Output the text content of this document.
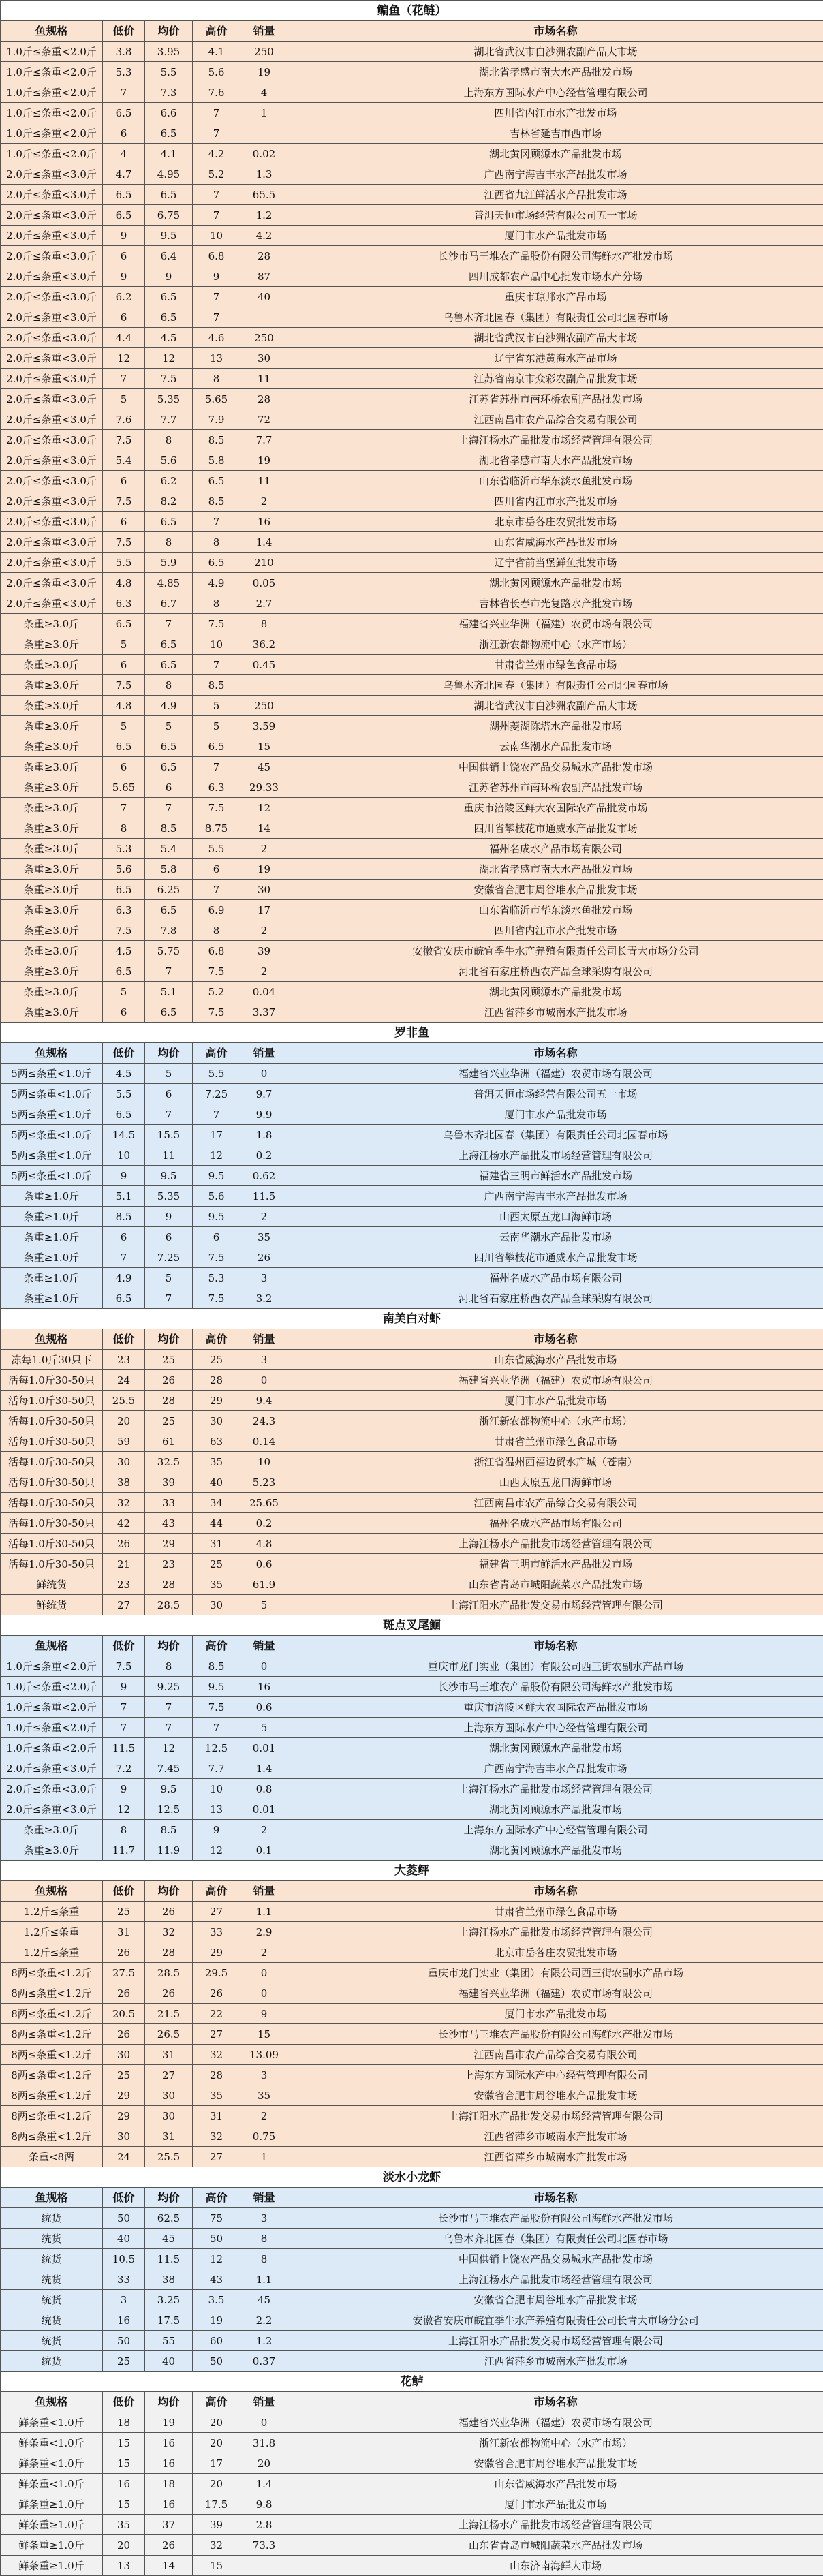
鳊鱼（花鲢）					
鱼规格	低价	均价	高价	销量	市场名称
1.0斤≤条重<2.0斤	3.8	3.95	4.1	250	湖北省武汉市白沙洲农副产品大市场
1.0斤≤条重<2.0斤	5.3	5.5	5.6	19	湖北省孝感市南大水产品批发市场
1.0斤≤条重<2.0斤	7	7.3	7.6	4	上海东方国际水产中心经营管理有限公司
1.0斤≤条重<2.0斤	6.5	6.6	7	1	四川省内江市水产批发市场
1.0斤≤条重<2.0斤	6	6.5	7		吉林省延吉市西市场
1.0斤≤条重<2.0斤	4	4.1	4.2	0.02	湖北黄冈顾源水产品批发市场
2.0斤≤条重<3.0斤	4.7	4.95	5.2	1.3	广西南宁海吉丰水产品批发市场
2.0斤≤条重<3.0斤	6.5	6.5	7	65.5	江西省九江鲜活水产品批发市场
2.0斤≤条重<3.0斤	6.5	6.75	7	1.2	普洱天恒市场经营有限公司五一市场
2.0斤≤条重<3.0斤	9	9.5	10	4.2	厦门市水产品批发市场
2.0斤≤条重<3.0斤	6	6.4	6.8	28	长沙市马王堆农产品股份有限公司海鲜水产批发市场
2.0斤≤条重<3.0斤	9	9	9	87	四川成都农产品中心批发市场水产分场
2.0斤≤条重<3.0斤	6.2	6.5	7	40	重庆市琼邦水产品市场
2.0斤≤条重<3.0斤	6	6.5	7		乌鲁木齐北园春（集团）有限责任公司北园春市场
2.0斤≤条重<3.0斤	4.4	4.5	4.6	250	湖北省武汉市白沙洲农副产品大市场
2.0斤≤条重<3.0斤	12	12	13	30	辽宁省东港黄海水产品市场
2.0斤≤条重<3.0斤	7	7.5	8	11	江苏省南京市众彩农副产品批发市场
2.0斤≤条重<3.0斤	5	5.35	5.65	28	江苏省苏州市南环桥农副产品批发市场
2.0斤≤条重<3.0斤	7.6	7.7	7.9	72	江西南昌市农产品综合交易有限公司
2.0斤≤条重<3.0斤	7.5	8	8.5	7.7	上海江杨水产品批发市场经营管理有限公司
2.0斤≤条重<3.0斤	5.4	5.6	5.8	19	湖北省孝感市南大水产品批发市场
2.0斤≤条重<3.0斤	6	6.2	6.5	11	山东省临沂市华东淡水鱼批发市场
2.0斤≤条重<3.0斤	7.5	8.2	8.5	2	四川省内江市水产批发市场
2.0斤≤条重<3.0斤	6	6.5	7	16	北京市岳各庄农贸批发市场
2.0斤≤条重<3.0斤	7.5	8	8	1.4	山东省威海水产品批发市场
2.0斤≤条重<3.0斤	5.5	5.9	6.5	210	辽宁省前当堡鲜鱼批发市场
2.0斤≤条重<3.0斤	4.8	4.85	4.9	0.05	湖北黄冈顾源水产品批发市场
2.0斤≤条重<3.0斤	6.3	6.7	8	2.7	吉林省长春市光复路水产批发市场
条重≥3.0斤	6.5	7	7.5	8	福建省兴业华洲（福建）农贸市场有限公司
条重≥3.0斤	5	6.5	10	36.2	浙江新农都物流中心（水产市场）
条重≥3.0斤	6	6.5	7	0.45	甘肃省兰州市绿色食品市场
条重≥3.0斤	7.5	8	8.5		乌鲁木齐北园春（集团）有限责任公司北园春市场
条重≥3.0斤	4.8	4.9	5	250	湖北省武汉市白沙洲农副产品大市场
条重≥3.0斤	5	5	5	3.59	湖州菱湖陈塔水产品批发市场
条重≥3.0斤	6.5	6.5	6.5	15	云南华潮水产品批发市场
条重≥3.0斤	6	6.5	7	45	中国供销上饶农产品交易城水产品批发市场
条重≥3.0斤	5.65	6	6.3	29.33	江苏省苏州市南环桥农副产品批发市场
条重≥3.0斤	7	7	7.5	12	重庆市涪陵区鲜大农国际农产品批发市场
条重≥3.0斤	8	8.5	8.75	14	四川省攀枝花市通威水产品批发市场
条重≥3.0斤	5.3	5.4	5.5	2	福州名成水产品市场有限公司
条重≥3.0斤	5.6	5.8	6	19	湖北省孝感市南大水产品批发市场
条重≥3.0斤	6.5	6.25	7	30	安徽省合肥市周谷堆水产品批发市场
条重≥3.0斤	6.3	6.5	6.9	17	山东省临沂市华东淡水鱼批发市场
条重≥3.0斤	7.5	7.8	8	2	四川省内江市水产批发市场
条重≥3.0斤	4.5	5.75	6.8	39	安徽省安庆市皖宜季牛水产养殖有限责任公司长青大市场分公司
条重≥3.0斤	6.5	7	7.5	2	河北省石家庄桥西农产品全球采购有限公司
条重≥3.0斤	5	5.1	5.2	0.04	湖北黄冈顾源水产品批发市场
条重≥3.0斤	6	6.5	7.5	3.37	江西省萍乡市城南水产批发市场
罗非鱼					
鱼规格	低价	均价	高价	销量	市场名称
5两≤条重<1.0斤	4.5	5	5.5	0	福建省兴业华洲（福建）农贸市场有限公司
5两≤条重<1.0斤	5.5	6	7.25	9.7	普洱天恒市场经营有限公司五一市场
5两≤条重<1.0斤	6.5	7	7	9.9	厦门市水产品批发市场
5两≤条重<1.0斤	14.5	15.5	17	1.8	乌鲁木齐北园春（集团）有限责任公司北园春市场
5两≤条重<1.0斤	10	11	12	0.2	上海江杨水产品批发市场经营管理有限公司
5两≤条重<1.0斤	9	9.5	9.5	0.62	福建省三明市鲜活水产品批发市场
条重≥1.0斤	5.1	5.35	5.6	11.5	广西南宁海吉丰水产品批发市场
条重≥1.0斤	8.5	9	9.5	2	山西太原五龙口海鲜市场
条重≥1.0斤	6	6	6	35	云南华潮水产品批发市场
条重≥1.0斤	7	7.25	7.5	26	四川省攀枝花市通威水产品批发市场
条重≥1.0斤	4.9	5	5.3	3	福州名成水产品市场有限公司
条重≥1.0斤	6.5	7	7.5	3.2	河北省石家庄桥西农产品全球采购有限公司
南美白对虾					
鱼规格	低价	均价	高价	销量	市场名称
冻每1.0斤30只下	23	25	25	3	山东省威海水产品批发市场
活每1.0斤30-50只	24	26	28	0	福建省兴业华洲（福建）农贸市场有限公司
活每1.0斤30-50只	25.5	28	29	9.4	厦门市水产品批发市场
活每1.0斤30-50只	20	25	30	24.3	浙江新农都物流中心（水产市场）
活每1.0斤30-50只	59	61	63	0.14	甘肃省兰州市绿色食品市场
活每1.0斤30-50只	30	32.5	35	10	浙江省温州西福边贸水产城（苍南）
活每1.0斤30-50只	38	39	40	5.23	山西太原五龙口海鲜市场
活每1.0斤30-50只	32	33	34	25.65	江西南昌市农产品综合交易有限公司
活每1.0斤30-50只	42	43	44	0.2	福州名成水产品市场有限公司
活每1.0斤30-50只	26	29	31	4.8	上海江杨水产品批发市场经营管理有限公司
活每1.0斤30-50只	21	23	25	0.6	福建省三明市鲜活水产品批发市场
鲜统货	23	28	35	61.9	山东省青岛市城阳蔬菜水产品批发市场
鲜统货	27	28.5	30	5	上海江阳水产品批发交易市场经营管理有限公司
斑点叉尾鮰					
鱼规格	低价	均价	高价	销量	市场名称
1.0斤≤条重<2.0斤	7.5	8	8.5	0	重庆市龙门实业（集团）有限公司西三街农副水产品市场
1.0斤≤条重<2.0斤	9	9.25	9.5	16	长沙市马王堆农产品股份有限公司海鲜水产批发市场
1.0斤≤条重<2.0斤	7	7	7.5	0.6	重庆市涪陵区鲜大农国际农产品批发市场
1.0斤≤条重<2.0斤	7	7	7	5	上海东方国际水产中心经营管理有限公司
1.0斤≤条重<2.0斤	11.5	12	12.5	0.01	湖北黄冈顾源水产品批发市场
2.0斤≤条重<3.0斤	7.2	7.45	7.7	1.4	广西南宁海吉丰水产品批发市场
2.0斤≤条重<3.0斤	9	9.5	10	0.8	上海江杨水产品批发市场经营管理有限公司
2.0斤≤条重<3.0斤	12	12.5	13	0.01	湖北黄冈顾源水产品批发市场
条重≥3.0斤	8	8.5	9	2	上海东方国际水产中心经营管理有限公司
条重≥3.0斤	11.7	11.9	12	0.1	湖北黄冈顾源水产品批发市场
大菱鲆					
鱼规格	低价	均价	高价	销量	市场名称
1.2斤≤条重	25	26	27	1.1	甘肃省兰州市绿色食品市场
1.2斤≤条重	31	32	33	2.9	上海江杨水产品批发市场经营管理有限公司
1.2斤≤条重	26	28	29	2	北京市岳各庄农贸批发市场
8两≤条重<1.2斤	27.5	28.5	29.5	0	重庆市龙门实业（集团）有限公司西三街农副水产品市场
8两≤条重<1.2斤	26	26	26	0	福建省兴业华洲（福建）农贸市场有限公司
8两≤条重<1.2斤	20.5	21.5	22	9	厦门市水产品批发市场
8两≤条重<1.2斤	26	26.5	27	15	长沙市马王堆农产品股份有限公司海鲜水产批发市场
8两≤条重<1.2斤	30	31	32	13.09	江西南昌市农产品综合交易有限公司
8两≤条重<1.2斤	25	27	28	3	上海东方国际水产中心经营管理有限公司
8两≤条重<1.2斤	29	30	35	35	安徽省合肥市周谷堆水产品批发市场
8两≤条重<1.2斤	29	30	31	2	上海江阳水产品批发交易市场经营管理有限公司
8两≤条重<1.2斤	30	31	32	0.75	江西省萍乡市城南水产批发市场
条重<8两	24	25.5	27	1	江西省萍乡市城南水产批发市场
淡水小龙虾					
鱼规格	低价	均价	高价	销量	市场名称
统货	50	62.5	75	3	长沙市马王堆农产品股份有限公司海鲜水产批发市场
统货	40	45	50	8	乌鲁木齐北园春（集团）有限责任公司北园春市场
统货	10.5	11.5	12	8	中国供销上饶农产品交易城水产品批发市场
统货	33	38	43	1.1	上海江杨水产品批发市场经营管理有限公司
统货	3	3.25	3.5	45	安徽省合肥市周谷堆水产品批发市场
统货	16	17.5	19	2.2	安徽省安庆市皖宜季牛水产养殖有限责任公司长青大市场分公司
统货	50	55	60	1.2	上海江阳水产品批发交易市场经营管理有限公司
统货	25	40	50	0.37	江西省萍乡市城南水产批发市场
花鲈					
鱼规格	低价	均价	高价	销量	市场名称
鲜条重<1.0斤	18	19	20	0	福建省兴业华洲（福建）农贸市场有限公司
鲜条重<1.0斤	15	16	20	31.8	浙江新农都物流中心（水产市场）
鲜条重<1.0斤	15	16	17	20	安徽省合肥市周谷堆水产品批发市场
鲜条重<1.0斤	16	18	20	1.4	山东省威海水产品批发市场
鲜条重≥1.0斤	15	16	17.5	9.8	厦门市水产品批发市场
鲜条重≥1.0斤	35	37	39	2.8	上海江杨水产品批发市场经营管理有限公司
鲜条重≥1.0斤	20	26	32	73.3	山东省青岛市城阳蔬菜水产品批发市场
鲜条重≥1.0斤	13	14	15		山东济南海鲜大市场
